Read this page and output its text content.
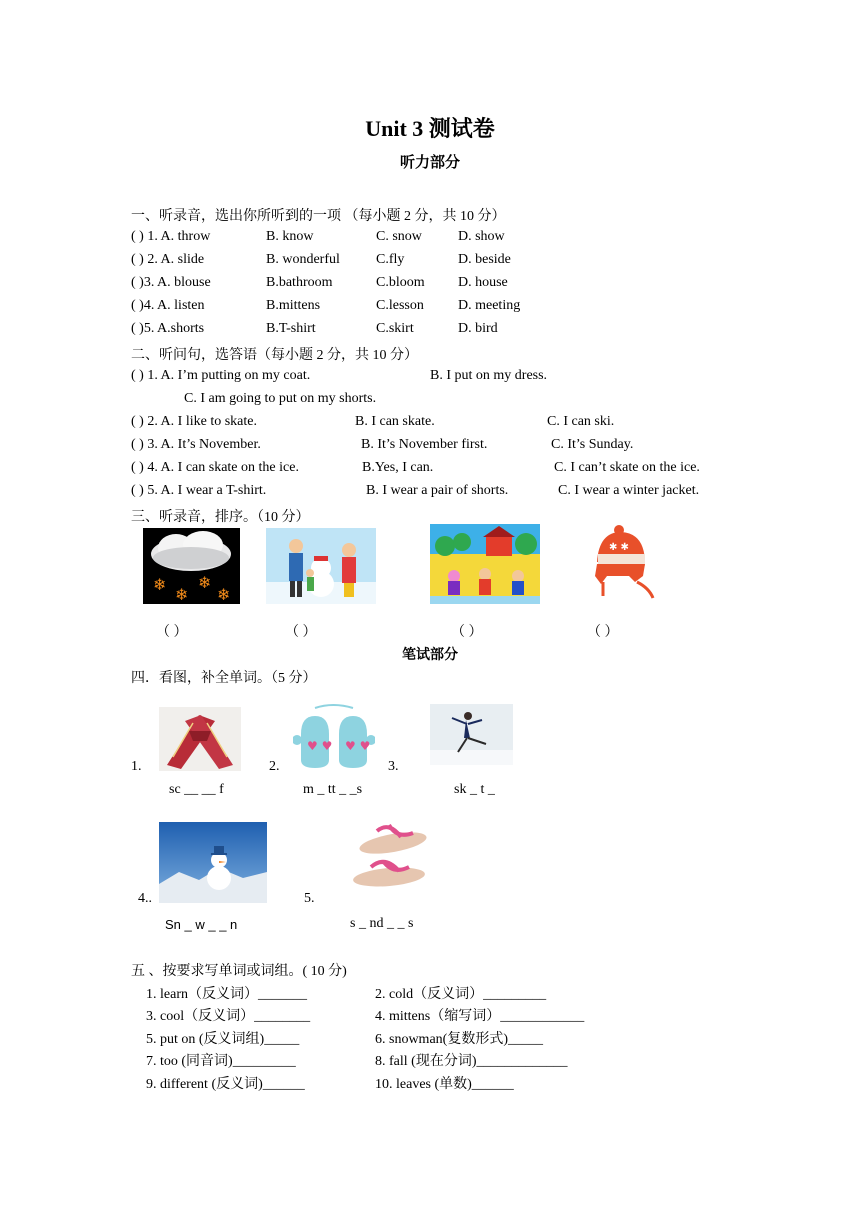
Unit 3 测试卷
听力部分
一、听录音，选出你所听到的一项 （每小题 2 分，共 10 分）
( ) 1. A. throw	B. know	C. snow	D. show
( ) 2. A. slide	B. wonderful	C.fly	D. beside
( )3. A. blouse	B.bathroom	C.bloom D. house
( )4. A. listen	B.mittens	C.lesson D. meeting
( )5. A.shorts	B.T-shirt	C.skirt	D. bird
二、听问句，选答语（每小题 2 分，共 10 分）
( ) 1. A. I’m putting on my coat.	B. I put on my dress.
C. I am going to put on my shorts.
( ) 2. A. I like to skate.	B. I can skate.	C. I can ski.
( ) 3. A. It’s November.	B. It’s November first.	C. It’s Sunday.
( ) 4. A. I can skate on the ice.	B.Yes, I can.	C. I can’t skate on the ice.
( ) 5. A. I wear a T-shirt.	B. I wear a pair of shorts.	C. I wear a winter jacket.
三、听录音，排序。（10 分）
❄
❄
❄
❄
✱ ✱
（ ）	（ ）	（ ）	（ ）
笔试部分
四．看图，补全单词。（5 分）
1.	2.
♥ ♥ ♥ ♥
3.
sc __ __ f	m _ tt _ _s	sk _ t _
4..	5.
Sn _ w _ _ n	s _ nd _ _ s
五 、按要求写单词或词组。( 10 分)
1. learn（反义词）_______	2. cold（反义词）_________
3. cool（反义词）________	4. mittens（缩写词）____________
5. put on (反义词组)_____	6. snowman(复数形式)_____
7. too (同音词)_________	8. fall (现在分词)_____________
9. different (反义词)______	10. leaves (单数)______
